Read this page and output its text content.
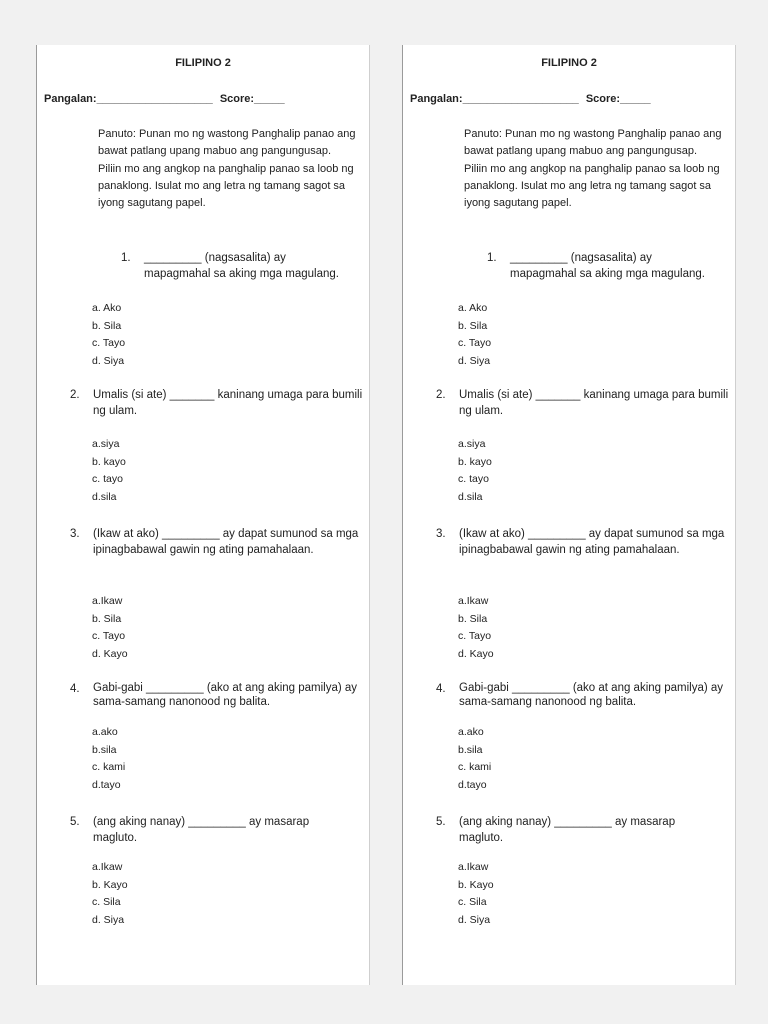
FILIPINO 2
Pangalan:___________________ Score:_____

Panuto: Punan mo ng wastong Panghalip panao ang bawat patlang upang mabuo ang pangungusap.

Piliin mo ang angkop na panghalip panao sa loob ng panaklong. Isulat mo ang letra ng tamang sagot sa iyong sagutang papel.

1. _________ (nagsasalita) ay mapagmahal sa aking mga magulang.
a. Ako
b. Sila
c. Tayo
d. Siya
2. Umalis (si ate) _______ kaninang umaga para bumili ng ulam.
a.siya
b. kayo
c. tayo
d.sila
3. (Ikaw at ako) _________ ay dapat sumunod sa mga ipinagbabawal gawin ng ating pamahalaan.
a.Ikaw
b. Sila
c. Tayo
d. Kayo
4. Gabi-gabi _________ (ako at ang aking pamilya) ay sama-samang nanonood ng balita.
a.ako
b.sila
c. kami
d.tayo
5. (ang aking nanay) _________ ay masarap magluto.
a.Ikaw
b. Kayo
c. Sila
d. Siya
FILIPINO 2
Pangalan:___________________ Score:_____

Panuto: Punan mo ng wastong Panghalip panao ang bawat patlang upang mabuo ang pangungusap.

Piliin mo ang angkop na panghalip panao sa loob ng panaklong. Isulat mo ang letra ng tamang sagot sa iyong sagutang papel.

1. _________ (nagsasalita) ay mapagmahal sa aking mga magulang.
a. Ako
b. Sila
c. Tayo
d. Siya
2. Umalis (si ate) _______ kaninang umaga para bumili ng ulam.
a.siya
b. kayo
c. tayo
d.sila
3. (Ikaw at ako) _________ ay dapat sumunod sa mga ipinagbabawal gawin ng ating pamahalaan.
a.Ikaw
b. Sila
c. Tayo
d. Kayo
4. Gabi-gabi _________ (ako at ang aking pamilya) ay sama-samang nanonood ng balita.
a.ako
b.sila
c. kami
d.tayo
5. (ang aking nanay) _________ ay masarap magluto.
a.Ikaw
b. Kayo
c. Sila
d. Siya
